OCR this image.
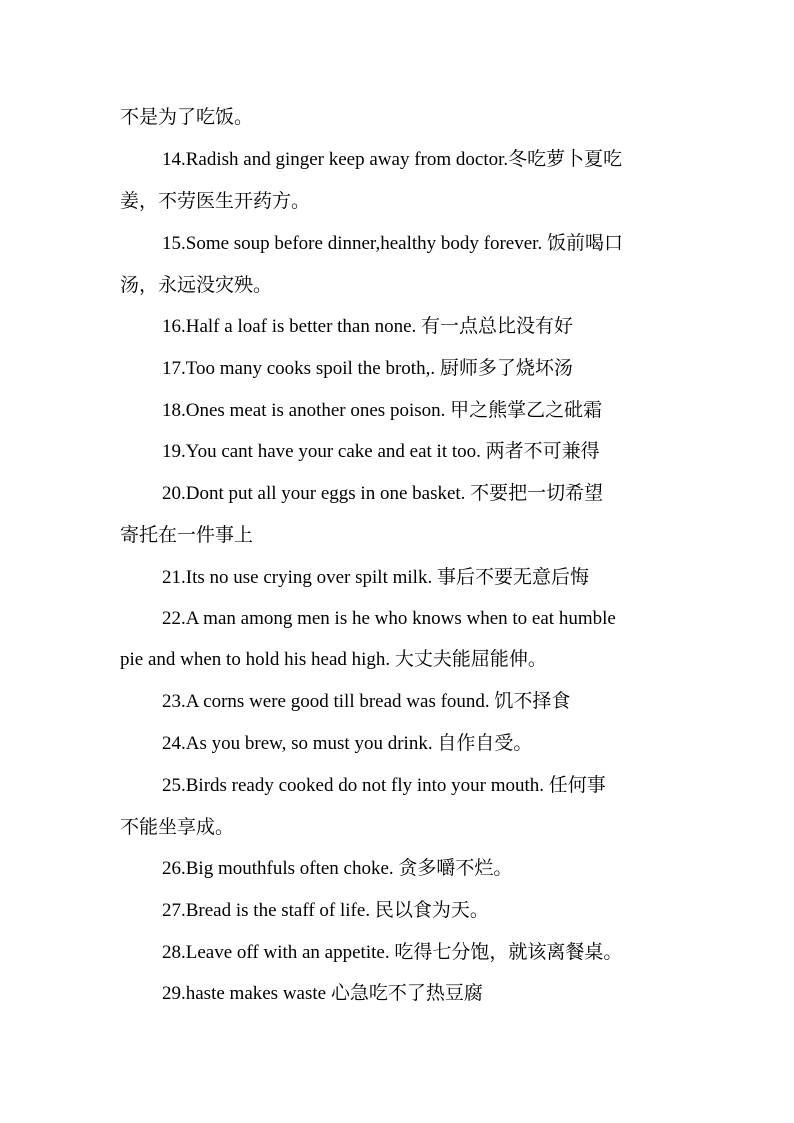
不是为了吃饭。
14.Radish and ginger keep away from doctor.冬吃萝卜夏吃
姜，不劳医生开药方。
15.Some soup before dinner,healthy body forever. 饭前喝口
汤，永远没灾殃。
16.Half a loaf is better than none. 有一点总比没有好
17.Too many cooks spoil the broth,. 厨师多了烧坏汤
18.Ones meat is another ones poison. 甲之熊掌乙之砒霜
19.You cant have your cake and eat it too. 两者不可兼得
20.Dont put all your eggs in one basket. 不要把一切希望
寄托在一件事上
21.Its no use crying over spilt milk. 事后不要无意后悔
22.A man among men is he who knows when to eat humble
pie and when to hold his head high. 大丈夫能屈能伸。
23.A corns were good till bread was found. 饥不择食
24.As you brew, so must you drink. 自作自受。
25.Birds ready cooked do not fly into your mouth. 任何事
不能坐享成。
26.Big mouthfuls often choke. 贪多嚼不烂。
27.Bread is the staff of life. 民以食为天。
28.Leave off with an appetite. 吃得七分饱，就该离餐桌。
29.haste makes waste 心急吃不了热豆腐
